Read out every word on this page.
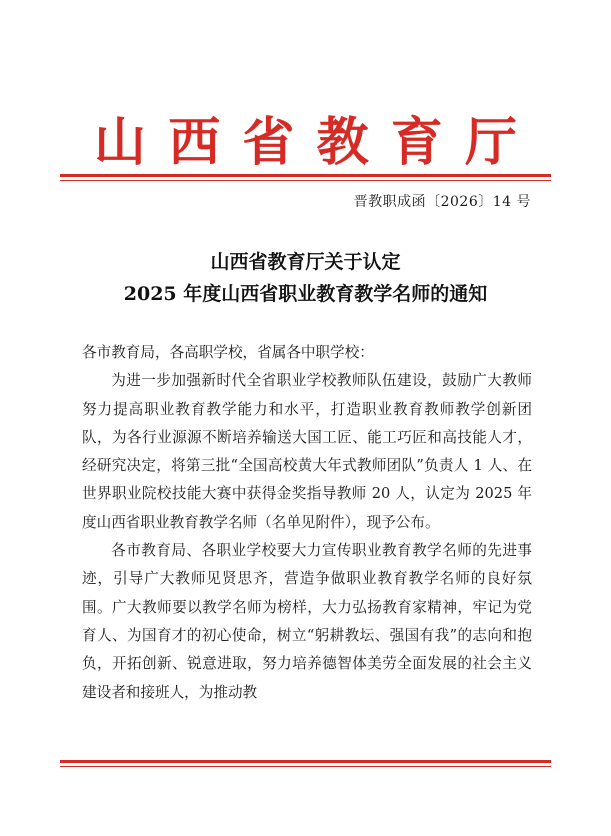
山 西 省 教 育 厅
晋教职成函〔2026〕14 号
山西省教育厅关于认定
2025 年度山西省职业教育教学名师的通知

各市教育局，各高职学校，省属各中职学校：

为进一步加强新时代全省职业学校教师队伍建设，鼓励广大教师努力提高职业教育教学能力和水平，打造职业教育教师教学创新团队，为各行业源源不断培养输送大国工匠、能工巧匠和高技能人才，经研究决定，将第三批“全国高校黄大年式教师团队”负责人 1 人、在世界职业院校技能大赛中获得金奖指导教师 20 人，认定为 2025 年度山西省职业教育教学名师（名单见附件），现予公布。

各市教育局、各职业学校要大力宣传职业教育教学名师的先进事迹，引导广大教师见贤思齐，营造争做职业教育教学名师的良好氛围。广大教师要以教学名师为榜样，大力弘扬教育家精神，牢记为党育人、为国育才的初心使命，树立“躬耕教坛、强国有我”的志向和抱负，开拓创新、锐意进取，努力培养德智体美劳全面发展的社会主义建设者和接班人，为推动教
